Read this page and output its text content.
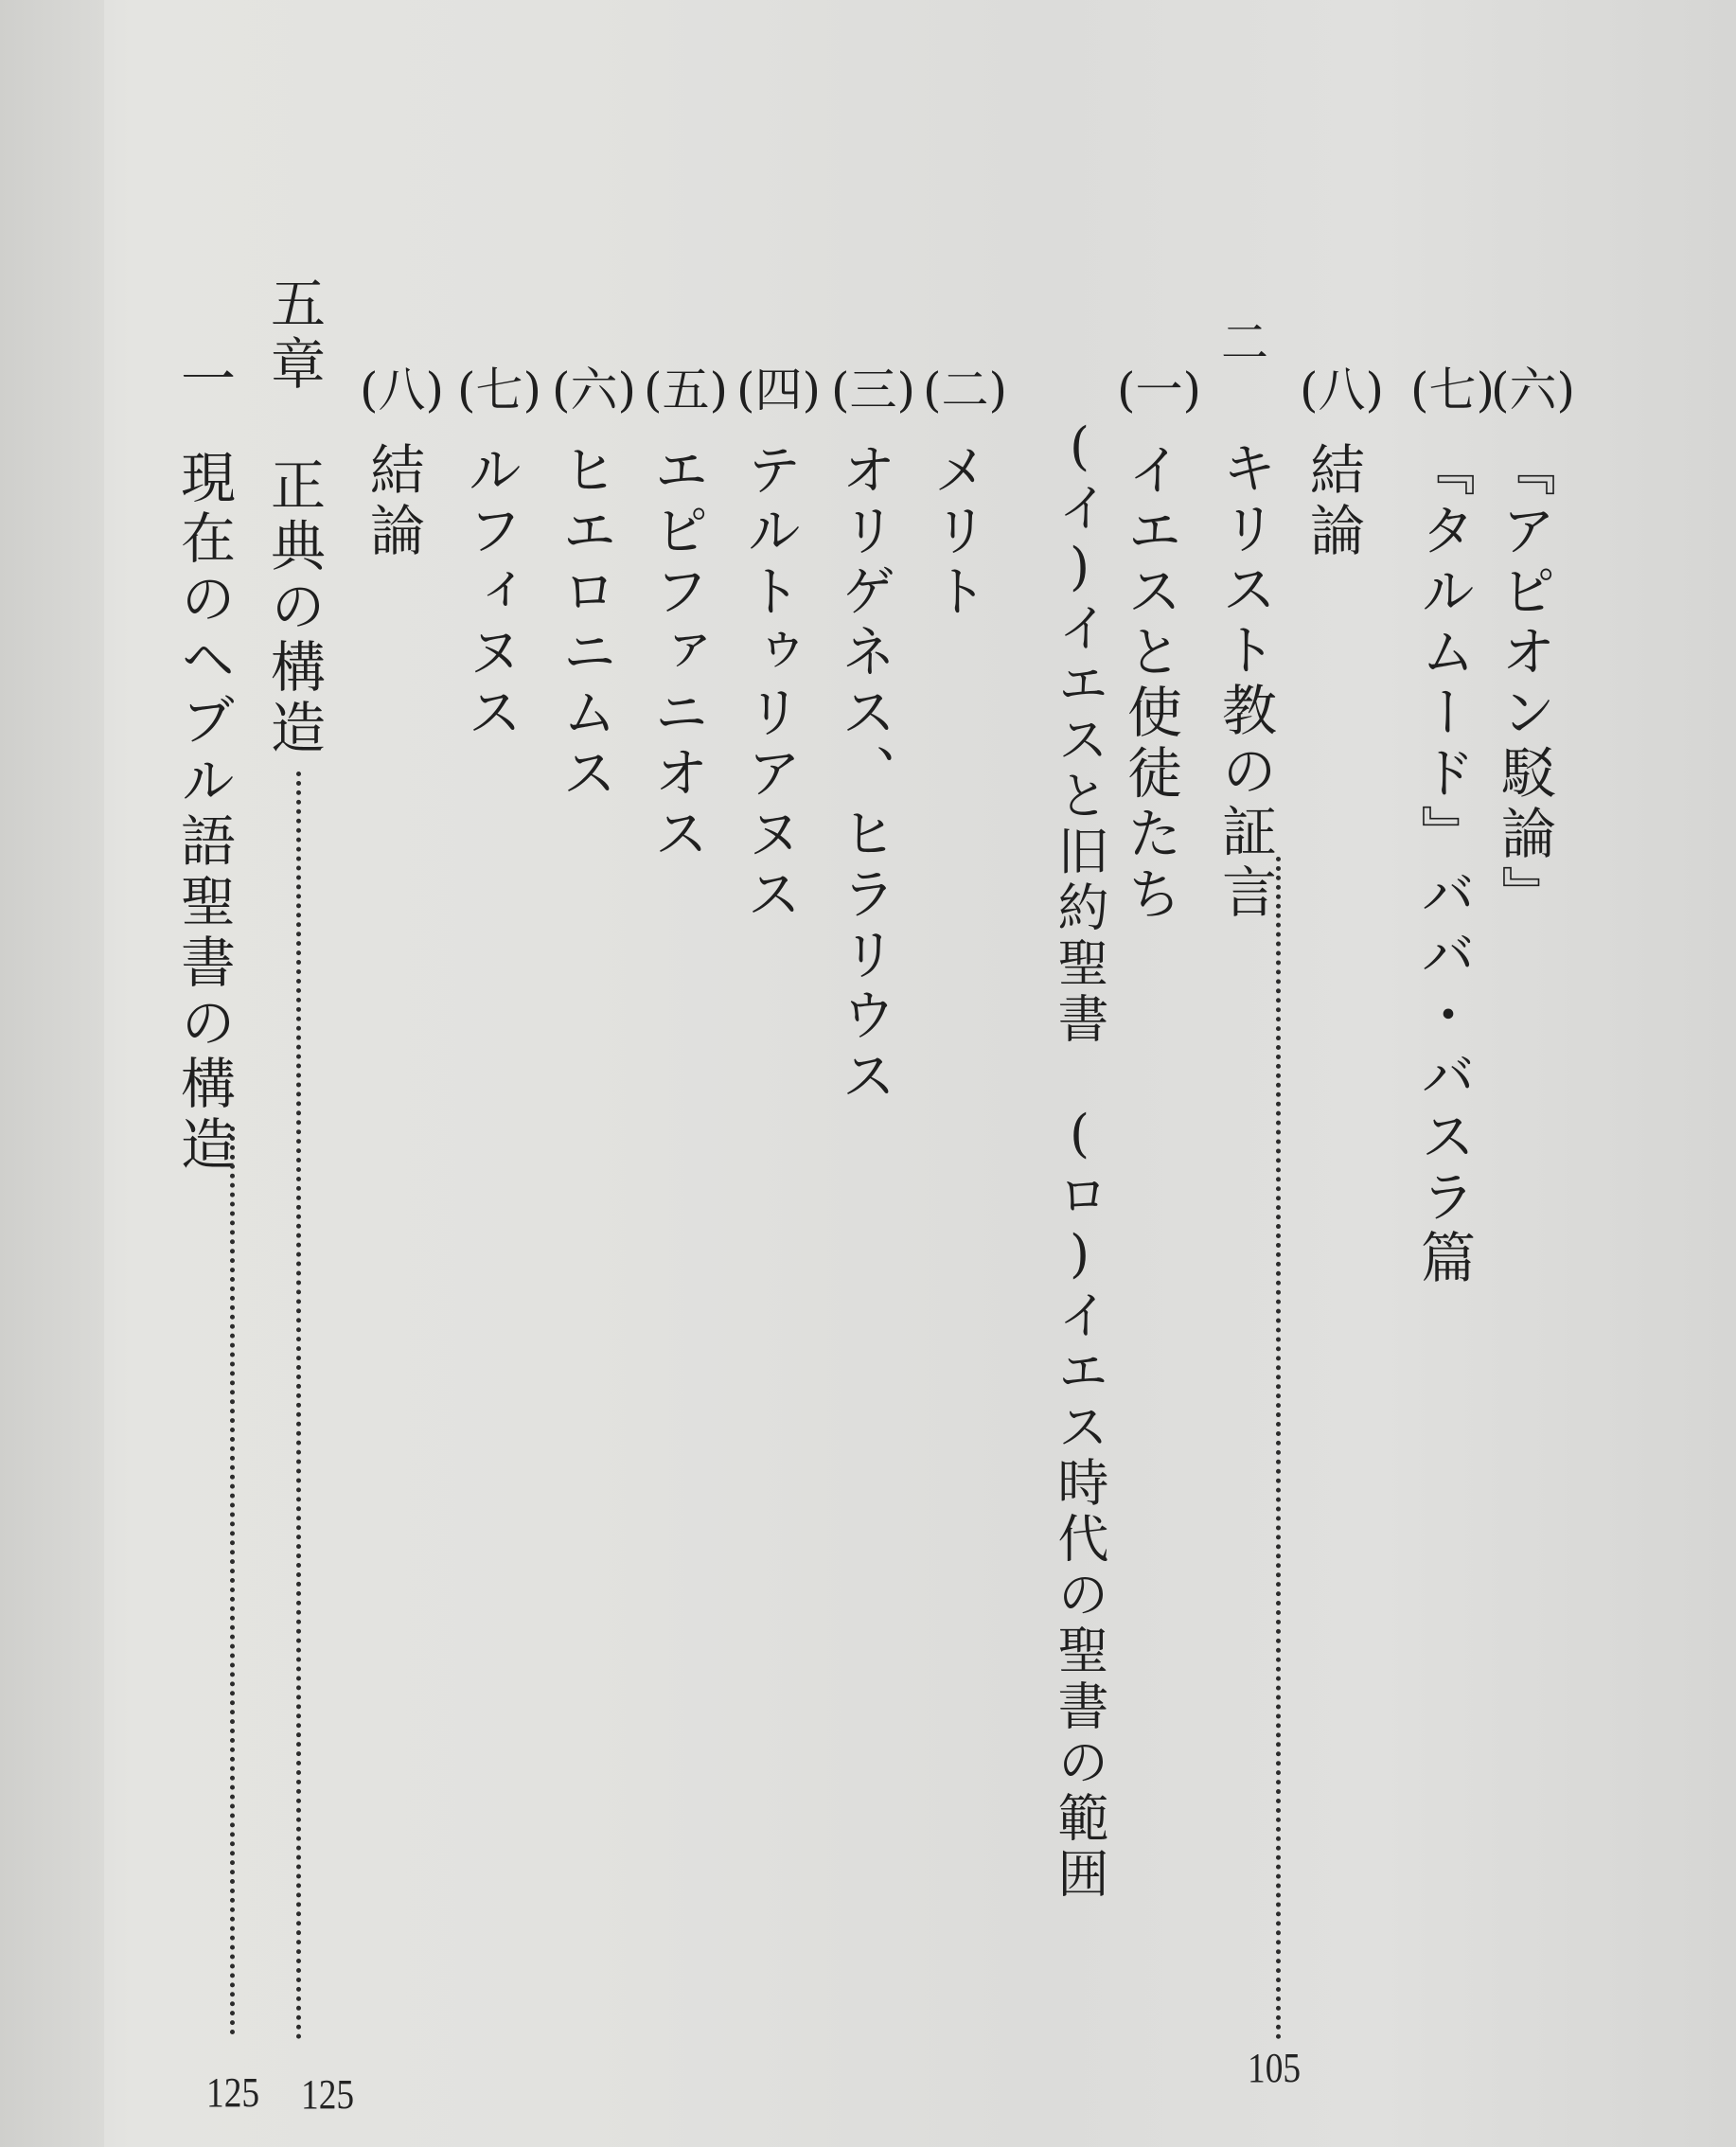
(六)
『アピオン駁論』
(七)
『タルムード』ババ・バスラ篇
(八)
結論
二
キリスト教の証言
105
(一)
イエスと使徒たち
(イ)イエスと旧約聖書　(ロ)イエス時代の聖書の範囲
(二)
メリト
(三)
オリゲネス、ヒラリウス
(四)
テルトゥリアヌス
(五)
エピファニオス
(六)
ヒエロニムス
(七)
ルフィヌス
(八)
結論
五章　正典の構造
125
一
現在のヘブル語聖書の構造
125
